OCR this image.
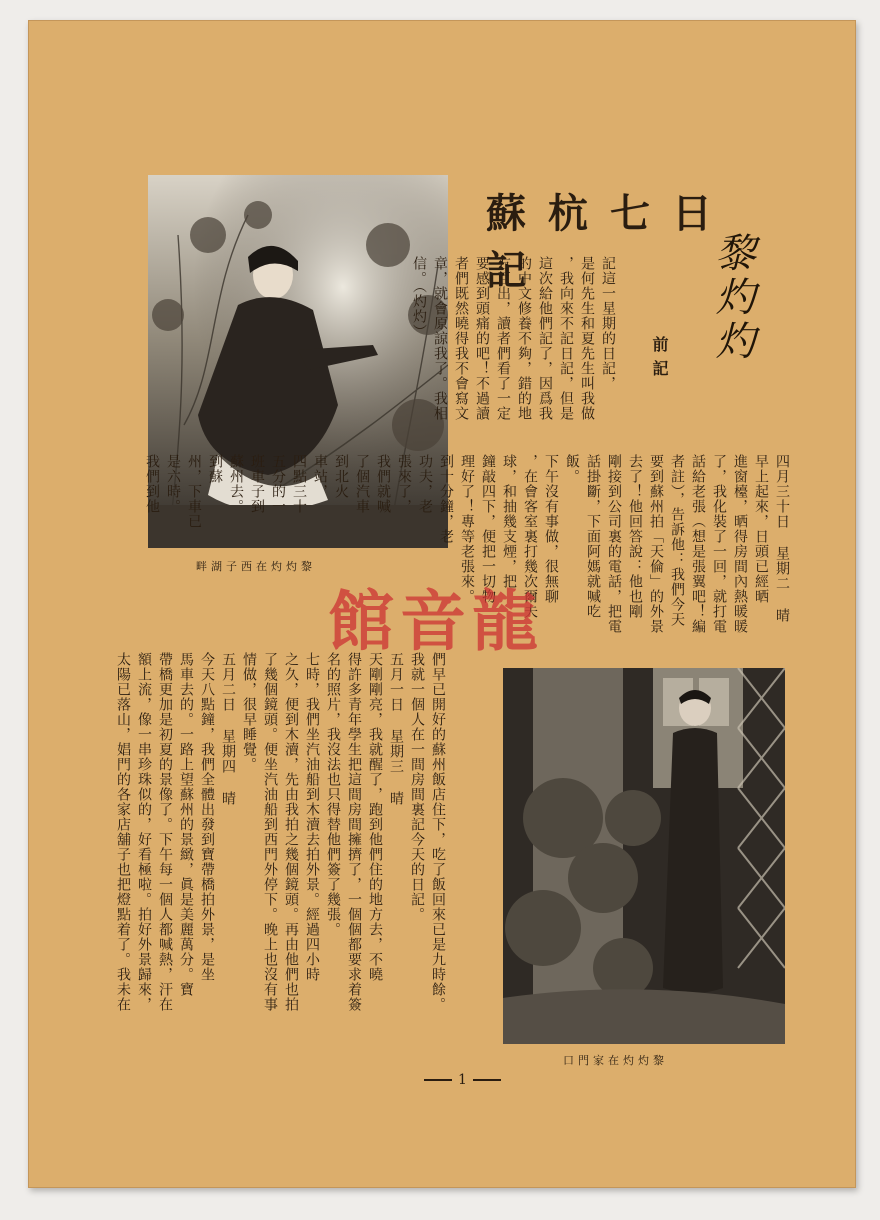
蘇杭七日記	黎灼灼
黎灼灼在西子湖畔
黎灼灼在家門口
前記
記這一星期的日記，
是何先生和夏先生叫我做
，我向來不記日記，但是
這次給他們記了，因爲我
的中文修養不夠，錯的地
方百出，讀者們看了一定
要感到頭痛的吧！不過讀
者們既然曉得我不會寫文
章，就會原諒我了。我相
信。（灼灼）
四月三十日 星期二 晴
早上起來，日頭已經晒
進窗檯，晒得房間內熱暖暖
了，我化裝了一回，就打電
話給老張（想是張翼吧！編
者註），告訴他：我們今天
要到蘇州拍「天倫」的外景
去了！他回答說：他也剛
剛接到公司裏的電話，把電
話掛斷，下面阿媽就喊吃
飯。
下午沒有事做，很無聊
，在會客室裏打幾次爾夫
球，和抽幾支煙，把
鐘敲四下，便把一切物
理好了！專等老張來。
到十分鐘，老
功夫，老
張來了，
我們就喊
了個汽車
到北火
車站，
四點三十
五分的一
班車子到
蘇州去。
到蘇
州，下車已
是六時。
我們到他
們早已開好的蘇州飯店住下，吃了飯回來已是九時餘。
我就一個人在一間房間裏記今天的日記。
五月一日 星期三 晴
天剛剛亮，我就醒了，跑到他們住的地方去，不曉
得許多青年學生把這間房間擁擠了，一個個都要求着簽
名的照片，我沒法也只得替他們簽了幾張。
七時，我們坐汽油船到木瀆去拍外景。經過四小時
之久，便到木瀆，先由我拍之幾個鏡頭。再由他們也拍
了幾個鏡頭。便坐汽油船到西門外停下。晚上也沒有事
情做，很早睡覺。
五月二日 星期四 晴
今天八點鐘，我們全體出發到寶帶橋拍外景，是坐
馬車去的。一路上望蘇州的景緻，眞是美麗萬分。寶
帶橋更加是初夏的景像了。下午每一個人都喊熱，汗在
額上流，像一串珍珠似的，好看極啦。拍好外景歸來，
太陽已落山，娼門的各家店舖子也把燈點着了。我未在
龍音館
1
